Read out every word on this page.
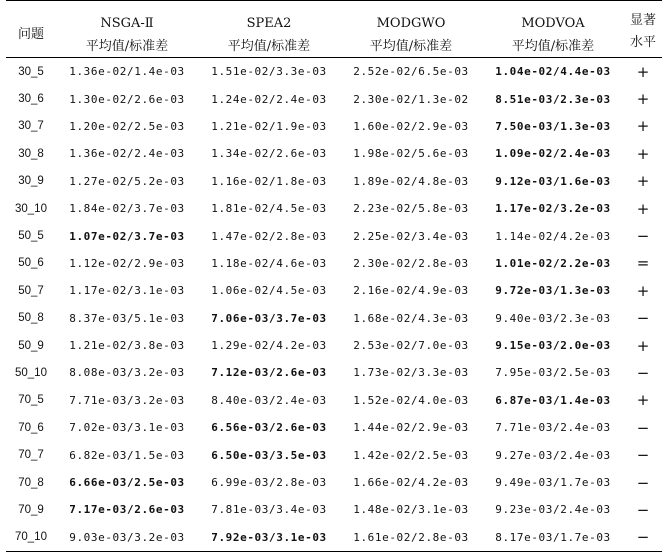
问题	NSGA-Ⅱ	SPEA2	MODGWO	MODVOA	显著
水平

	平均值/标准差	平均值/标准差	平均值/标准差	平均值/标准差	
30_5	1.36e-02/1.4e-03	1.51e-02/3.3e-03	2.52e-02/6.5e-03	1.04e-02/4.4e-03	+
30_6	1.30e-02/2.6e-03	1.24e-02/2.4e-03	2.30e-02/1.3e-02	8.51e-03/2.3e-03	+
30_7	1.20e-02/2.5e-03	1.21e-02/1.9e-03	1.60e-02/2.9e-03	7.50e-03/1.3e-03	+
30_8	1.36e-02/2.4e-03	1.34e-02/2.6e-03	1.98e-02/5.6e-03	1.09e-02/2.4e-03	+
30_9	1.27e-02/5.2e-03	1.16e-02/1.8e-03	1.89e-02/4.8e-03	9.12e-03/1.6e-03	+
30_10	1.84e-02/3.7e-03	1.81e-02/4.5e-03	2.23e-02/5.8e-03	1.17e-02/3.2e-03	+
50_5	1.07e-02/3.7e-03	1.47e-02/2.8e-03	2.25e-02/3.4e-03	1.14e-02/4.2e-03	−
50_6	1.12e-02/2.9e-03	1.18e-02/4.6e-03	2.30e-02/2.8e-03	1.01e-02/2.2e-03	=
50_7	1.17e-02/3.1e-03	1.06e-02/4.5e-03	2.16e-02/4.9e-03	9.72e-03/1.3e-03	+
50_8	8.37e-03/5.1e-03	7.06e-03/3.7e-03	1.68e-02/4.3e-03	9.40e-03/2.3e-03	−
50_9	1.21e-02/3.8e-03	1.29e-02/4.2e-03	2.53e-02/7.0e-03	9.15e-03/2.0e-03	+
50_10	8.08e-03/3.2e-03	7.12e-03/2.6e-03	1.73e-02/3.3e-03	7.95e-03/2.5e-03	−
70_5	7.71e-03/3.2e-03	8.40e-03/2.4e-03	1.52e-02/4.0e-03	6.87e-03/1.4e-03	+
70_6	7.02e-03/3.1e-03	6.56e-03/2.6e-03	1.44e-02/2.9e-03	7.71e-03/2.4e-03	−
70_7	6.82e-03/1.5e-03	6.50e-03/3.5e-03	1.42e-02/2.5e-03	9.27e-03/2.4e-03	−
70_8	6.66e-03/2.5e-03	6.99e-03/2.8e-03	1.66e-02/4.2e-03	9.49e-03/1.7e-03	−
70_9	7.17e-03/2.6e-03	7.81e-03/3.4e-03	1.48e-02/3.1e-03	9.23e-03/2.4e-03	−
70_10	9.03e-03/3.2e-03	7.92e-03/3.1e-03	1.61e-02/2.8e-03	8.17e-03/1.7e-03	−
